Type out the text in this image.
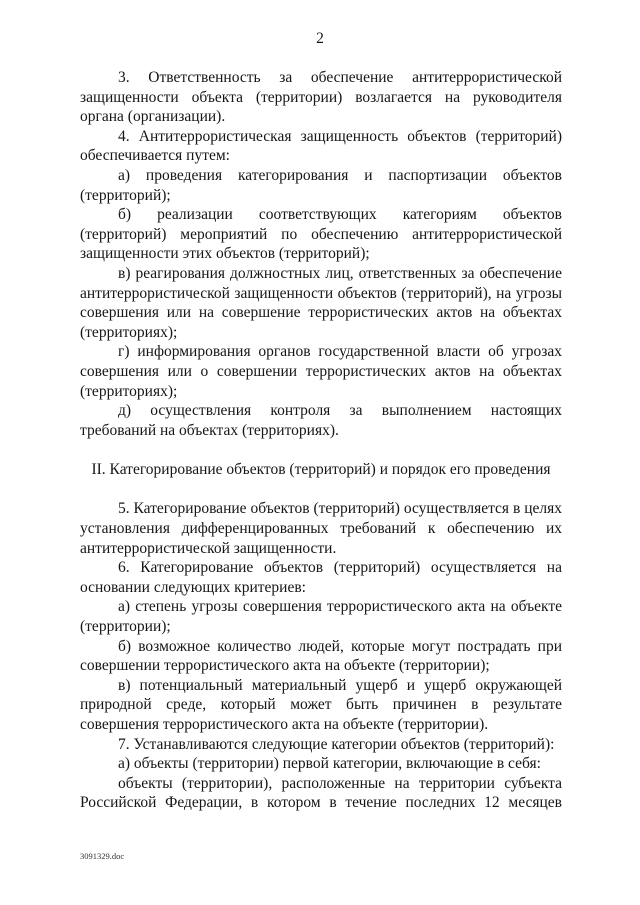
2

3. Ответственность за обеспечение антитеррористической защищенности объекта (территории) возлагается на руководителя органа (организации).

4. Антитеррористическая защищенность объектов (территорий) обеспечивается путем:

а) проведения категорирования и паспортизации объектов (территорий);

б) реализации соответствующих категориям объектов (территорий) мероприятий по обеспечению антитеррористической защищенности этих объектов (территорий);

в) реагирования должностных лиц, ответственных за обеспечение антитеррористической защищенности объектов (территорий), на угрозы совершения или на совершение террористических актов на объектах (территориях);

г) информирования органов государственной власти об угрозах совершения или о совершении террористических актов на объектах (территориях);

д) осуществления контроля за выполнением настоящих требований на объектах (территориях).

II. Категорирование объектов (территорий) и порядок его проведения

5. Категорирование объектов (территорий) осуществляется в целях установления дифференцированных требований к обеспечению их антитеррористической защищенности.

6. Категорирование объектов (территорий) осуществляется на основании следующих критериев:

а) степень угрозы совершения террористического акта на объекте (территории);

б) возможное количество людей, которые могут пострадать при совершении террористического акта на объекте (территории);

в) потенциальный материальный ущерб и ущерб окружающей природной среде, который может быть причинен в результате совершения террористического акта на объекте (территории).

7. Устанавливаются следующие категории объектов (территорий):

а) объекты (территории) первой категории, включающие в себя:

объекты (территории), расположенные на территории субъекта Российской Федерации, в котором в течение последних 12 месяцев

3091329.doc
